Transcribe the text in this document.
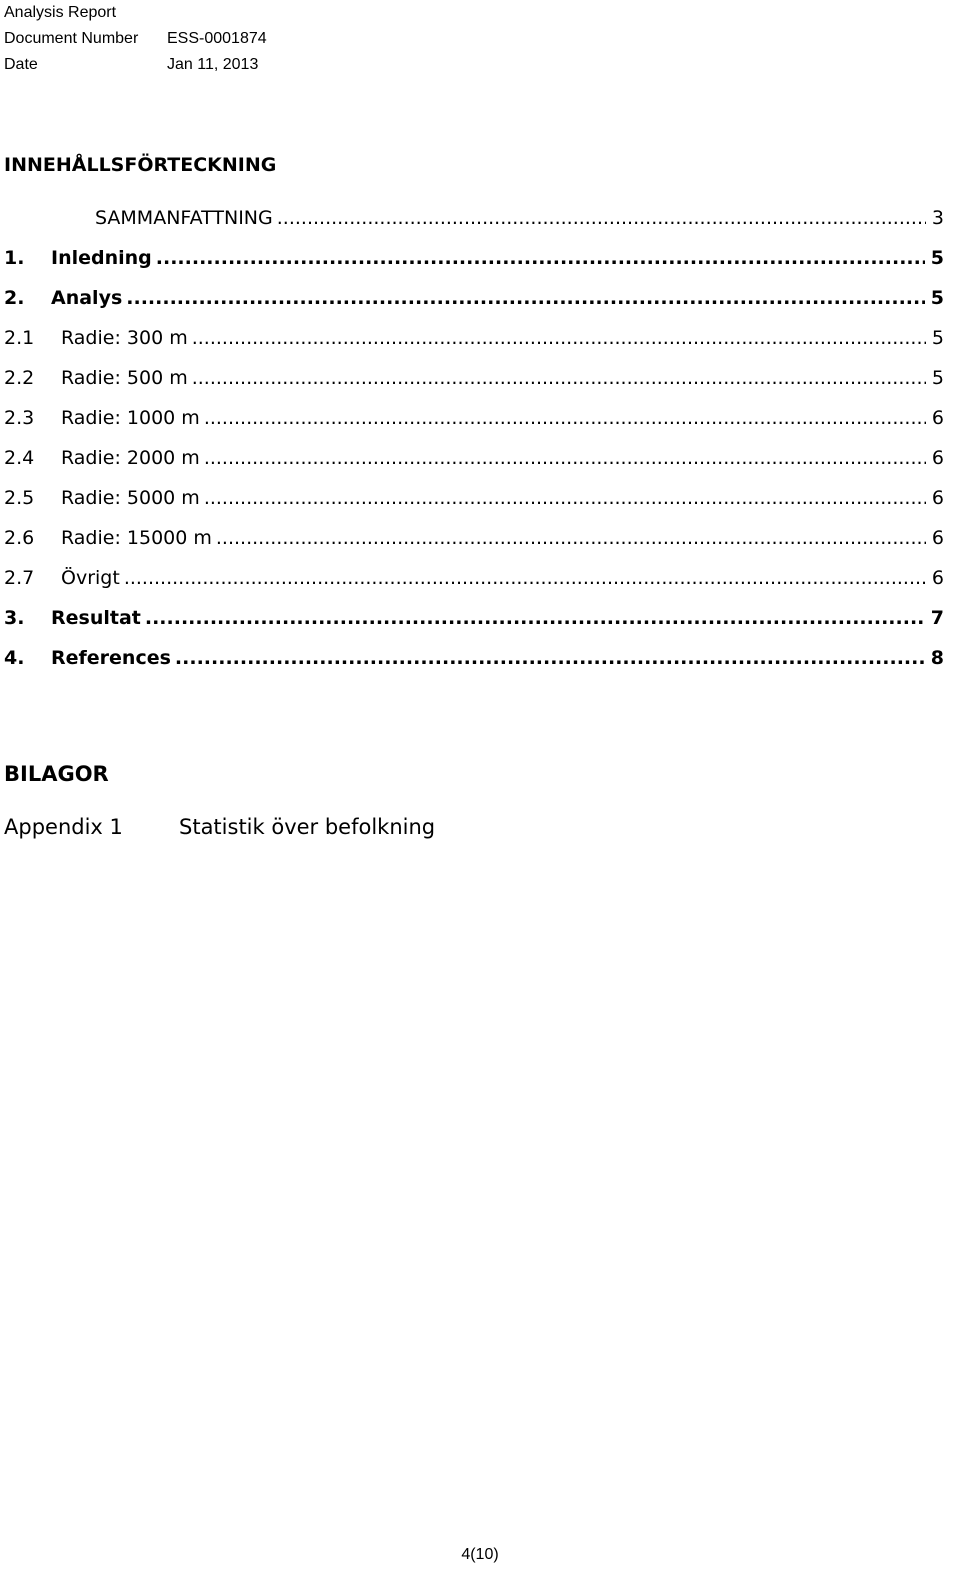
Analysis Report
Document Number	ESS-0001874
Date	Jan 11, 2013
INNEHÅLLSFÖRTECKNING
SAMMANFATTNING .....	3
1.	Inledning .....	5
2.	Analys .....	5
2.1	Radie: 300 m .....	5
2.2	Radie: 500 m .....	5
2.3	Radie: 1000 m .....	6
2.4	Radie: 2000 m .....	6
2.5	Radie: 5000 m .....	6
2.6	Radie: 15000 m .....	6
2.7	Övrigt .....	6
3.	Resultat .....	7
4.	References .....	8
BILAGOR
Appendix 1	Statistik över befolkning
4(10)
